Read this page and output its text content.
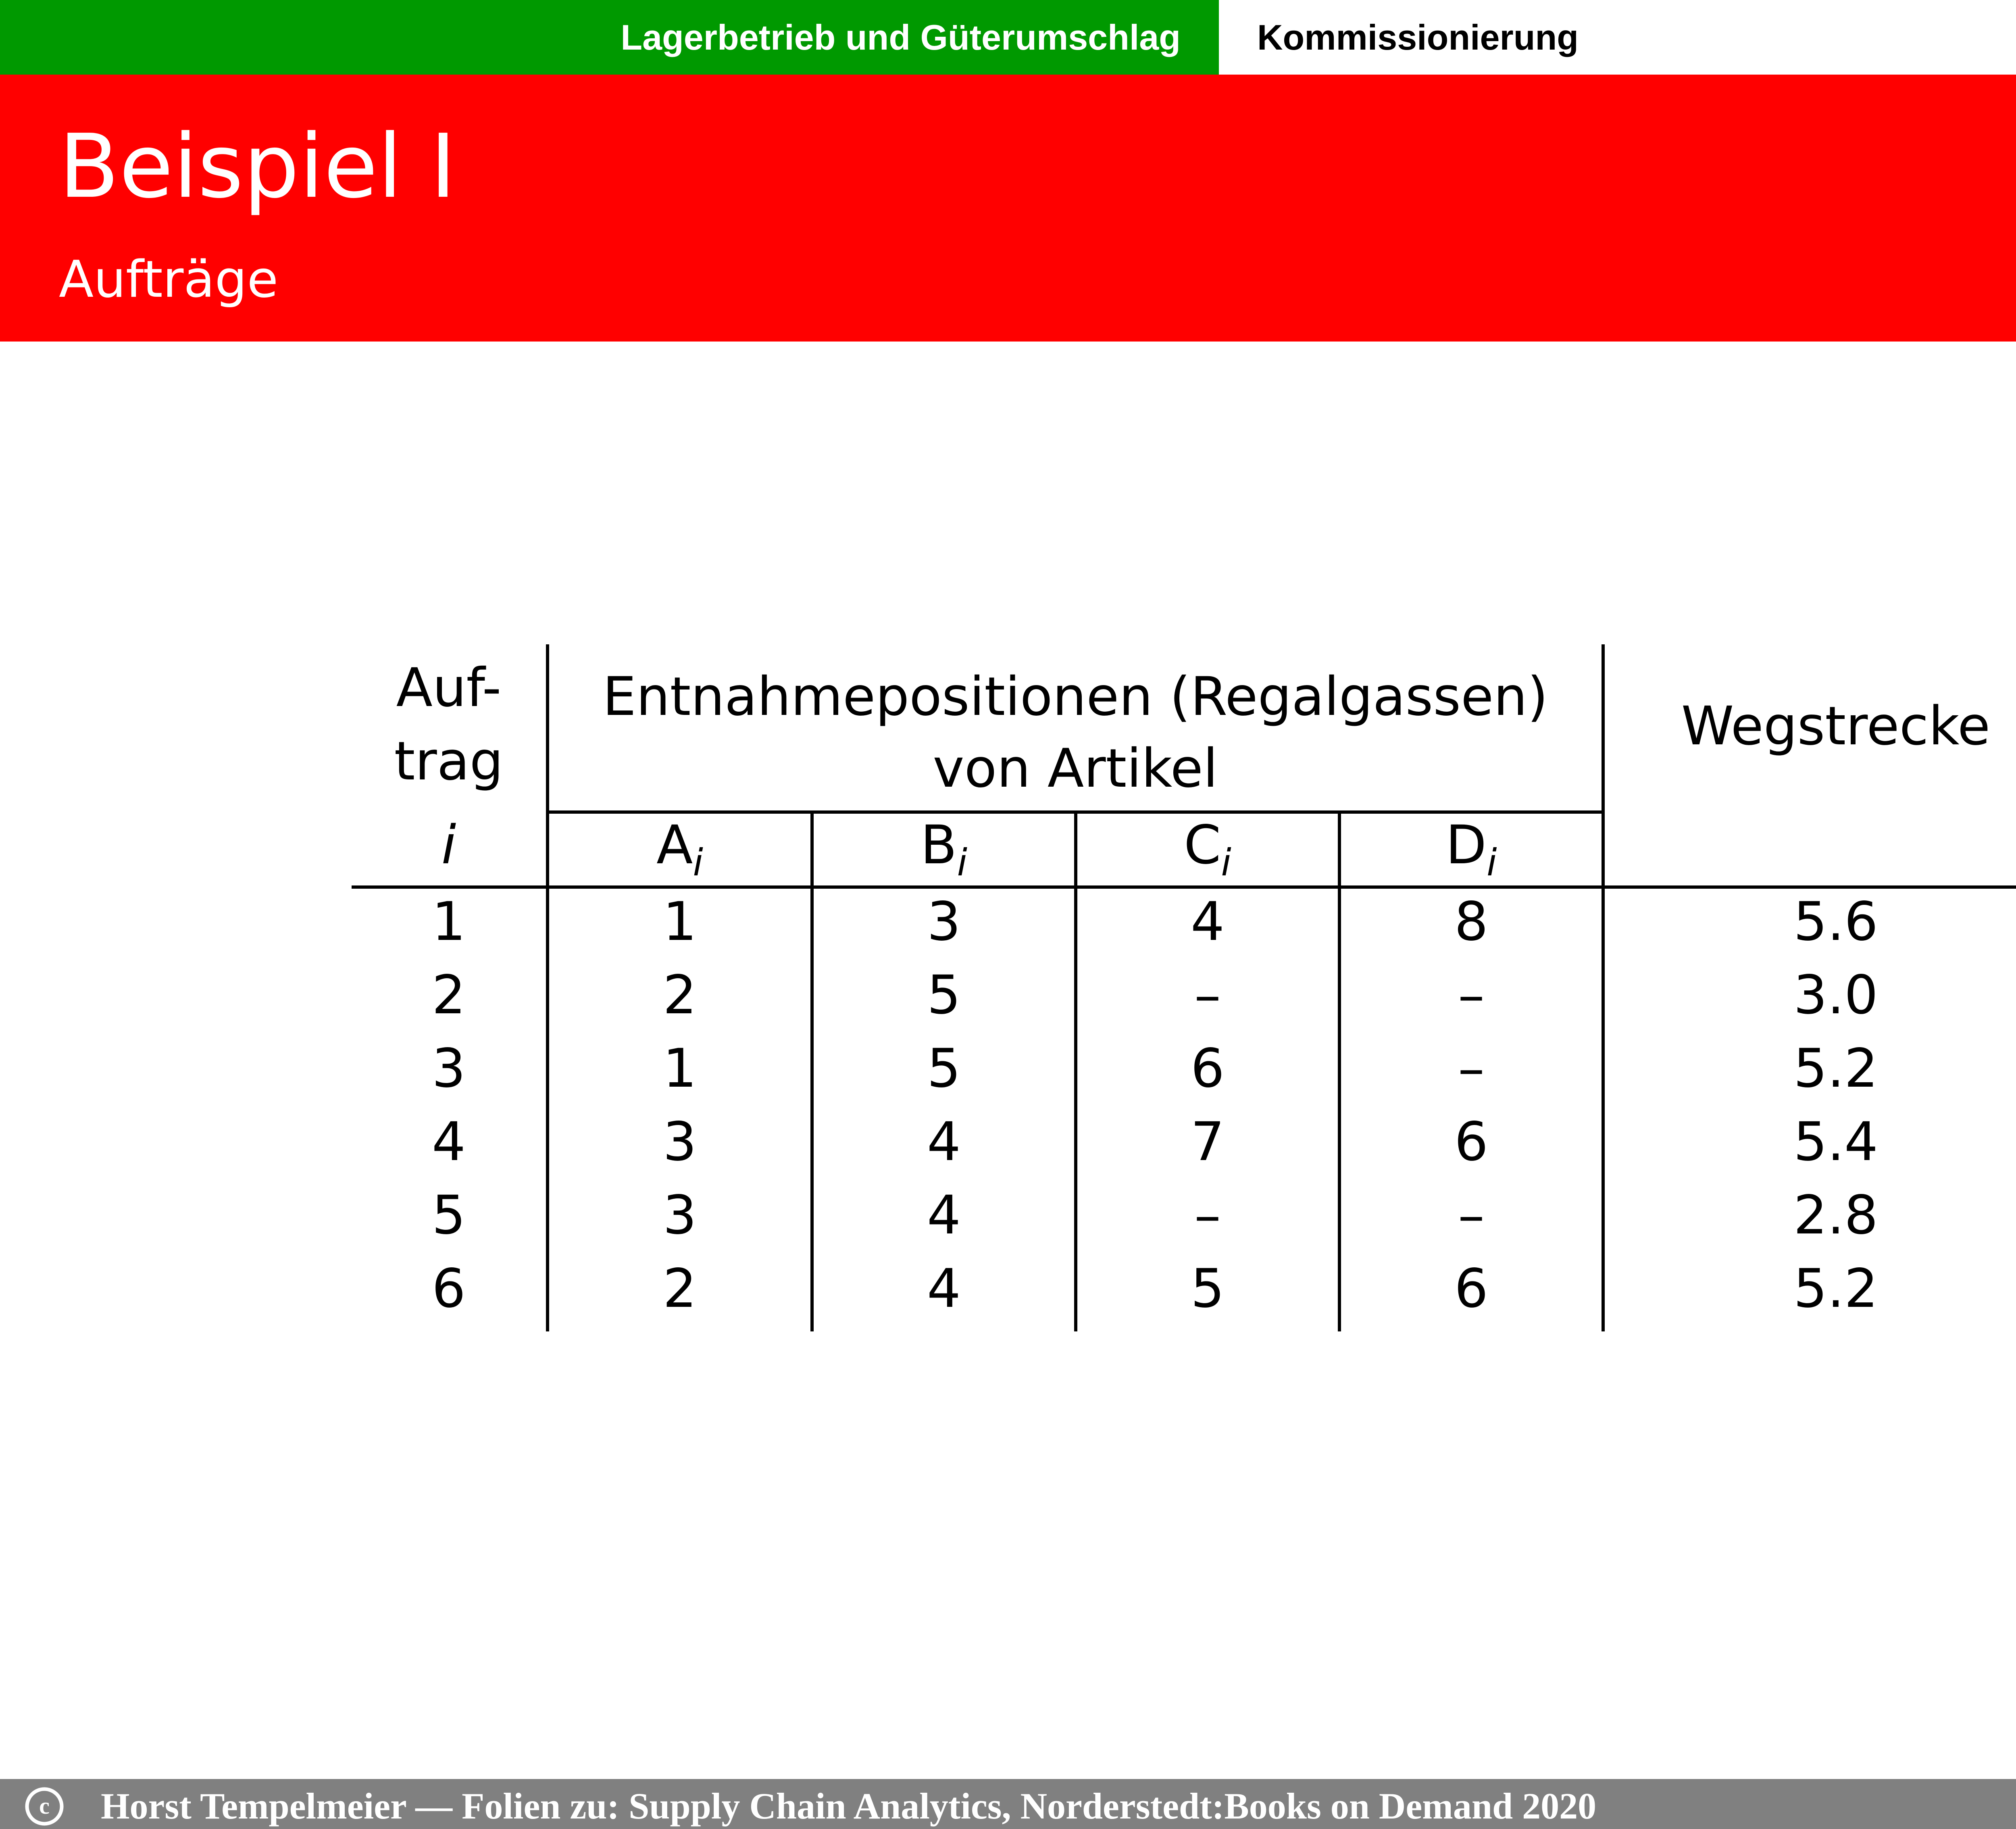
Lagerbetrieb und Güterumschlag Kommissionierung
Beispiel I
Aufträge
Auf-
trag
i
Entnahmepositionen (Regalgassen)
von Artikel
$A_i$	$B_i$	$C_i$	$D_i$
Wegstrecke
1	1	3	4	8	5.6
2	2	5	–	–	3.0
3	1	5	6	–	5.2
4	3	4	7	6	5.4
5	3	4	–	–	2.8
6	2	4	5	6	5.2
c Horst Tempelmeier — Folien zu: Supply Chain Analytics, Norderstedt:Books on Demand 2020
